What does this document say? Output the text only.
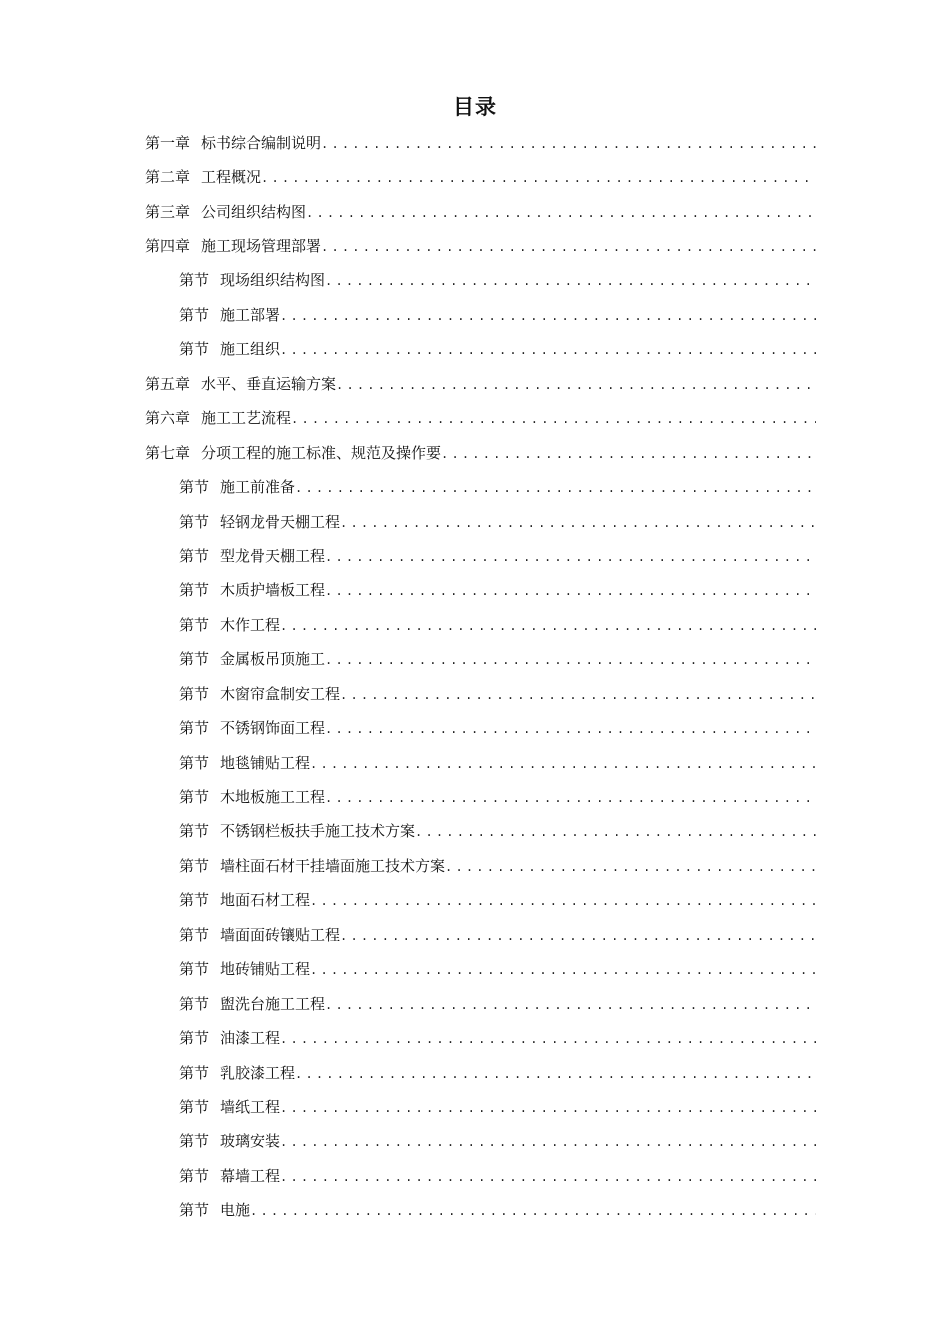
目录
第一章 标书综合编制说明
.....
第二章 工程概况
.....
第三章 公司组织结构图
.....
第四章 施工现场管理部署
.....
第节 现场组织结构图
.....
第节 施工部署
.....
第节 施工组织
.....
第五章 水平、垂直运输方案
.....
第六章 施工工艺流程
.....
第七章 分项工程的施工标准、规范及操作要
.....
第节 施工前准备
.....
第节 轻钢龙骨天棚工程
.....
第节 型龙骨天棚工程
.....
第节 木质护墙板工程
.....
第节 木作工程
.....
第节 金属板吊顶施工
.....
第节 木窗帘盒制安工程
.....
第节 不锈钢饰面工程
.....
第节 地毯铺贴工程
.....
第节 木地板施工工程
.....
第节 不锈钢栏板扶手施工技术方案
.....
第节 墙柱面石材干挂墙面施工技术方案
.....
第节 地面石材工程
.....
第节 墙面面砖镶贴工程
.....
第节 地砖铺贴工程
.....
第节 盥洗台施工工程
.....
第节 油漆工程
.....
第节 乳胶漆工程
.....
第节 墙纸工程
.....
第节 玻璃安装
.....
第节 幕墙工程
.....
第节 电施
.....
